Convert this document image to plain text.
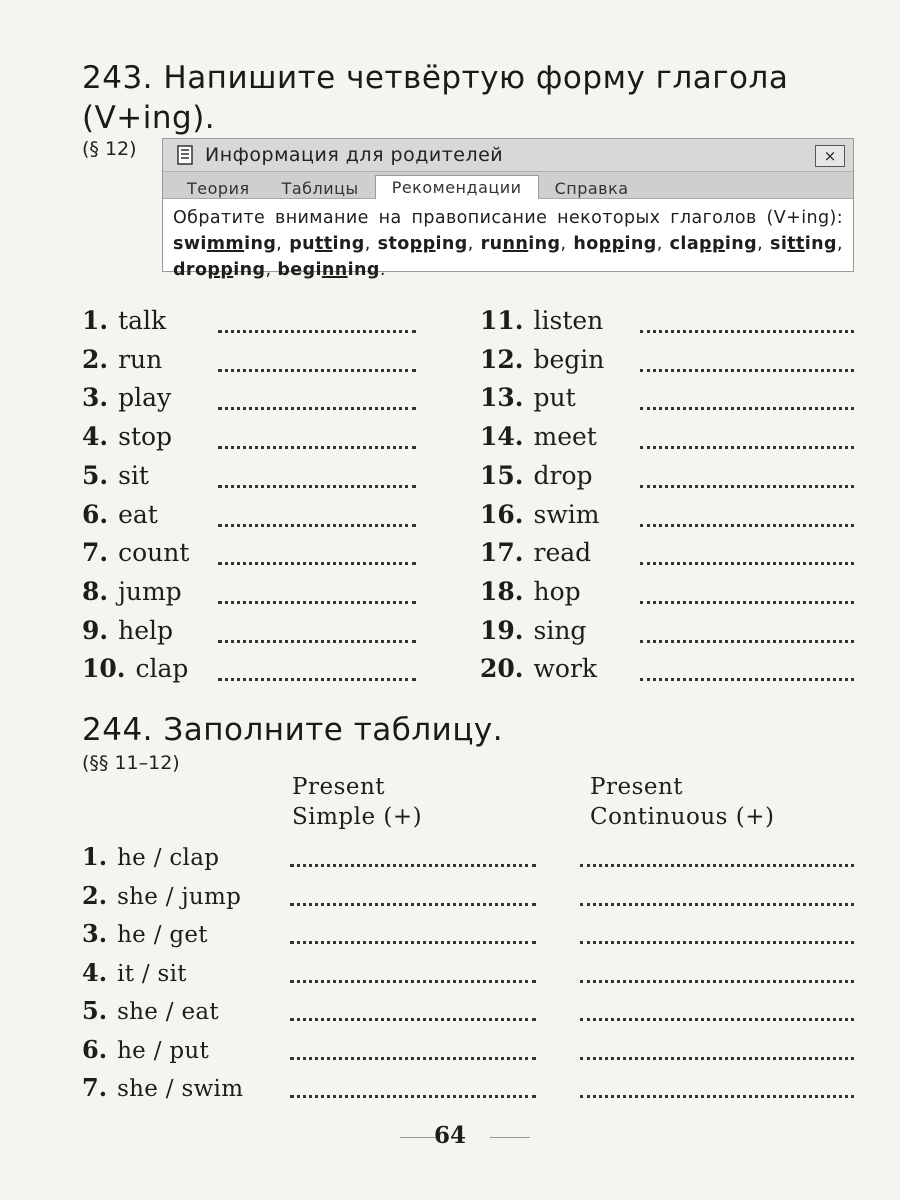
243. Напишите четвёртую форму глагола
(V+ing).
(§ 12)	Информация для родителей	×
Теория	Таблицы	Рекомендации	Справка
Обратите внимание на правописание некоторых глаголов (V+ing): swimming, putting, stopping, running, hopping, clapping, sitting, dropping, beginning.
1. talk
2. run
3. play
4. stop
5. sit
6. eat
7. count
8. jump
9. help
10. clap
11. listen
12. begin
13. put
14. meet
15. drop
16. swim
17. read
18. hop
19. sing
20. work
244. Заполните таблицу.
(§§ 11–12)
Present
Simple (+)
Present
Continuous (+)
1. he / clap
2. she / jump
3. he / get
4. it / sit
5. she / eat
6. he / put
7. she / swim
64
